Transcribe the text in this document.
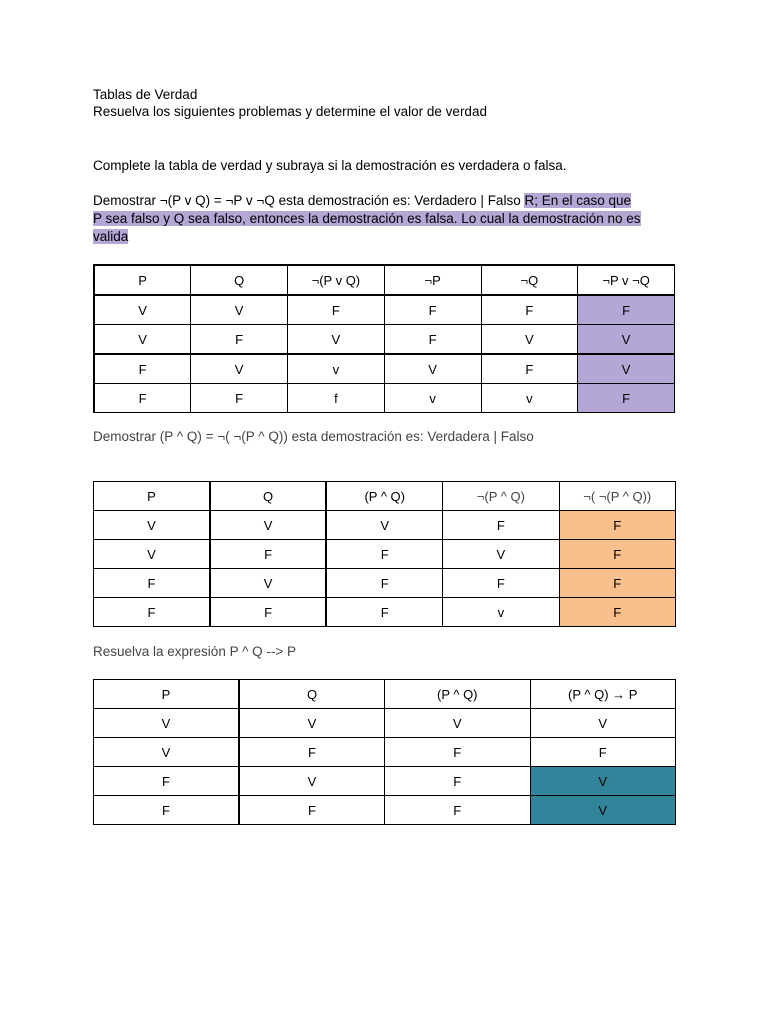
Tablas de Verdad
Resuelva los siguientes problemas y determine el valor de verdad
Complete la tabla de verdad y subraya si la demostración es verdadera o falsa.
Demostrar ¬(P v Q) = ¬P v ¬Q esta demostración es: Verdadero | Falso R; En el caso que
P sea falso y Q sea falso, entonces la demostración es falsa. Lo cual la demostración no es
valida
P	Q	¬(P v Q)	¬P	¬Q	¬P v ¬Q
V	V	F	F	F	F
V	F	V	F	V	V
F	V	v	V	F	V
F	F	f	v	v	F
Demostrar (P ^ Q) = ¬( ¬(P ^ Q)) esta demostración es: Verdadera | Falso
P	Q	(P ^ Q)	¬(P ^ Q)	¬( ¬(P ^ Q))
V	V	V	F	F
V	F	F	V	F
F	V	F	F	F
F	F	F	v	F
Resuelva la expresión P ^ Q --> P
P	Q	(P ^ Q)	(P ^ Q) → P
V	V	V	V
V	F	F	F
F	V	F	V
F	F	F	V
